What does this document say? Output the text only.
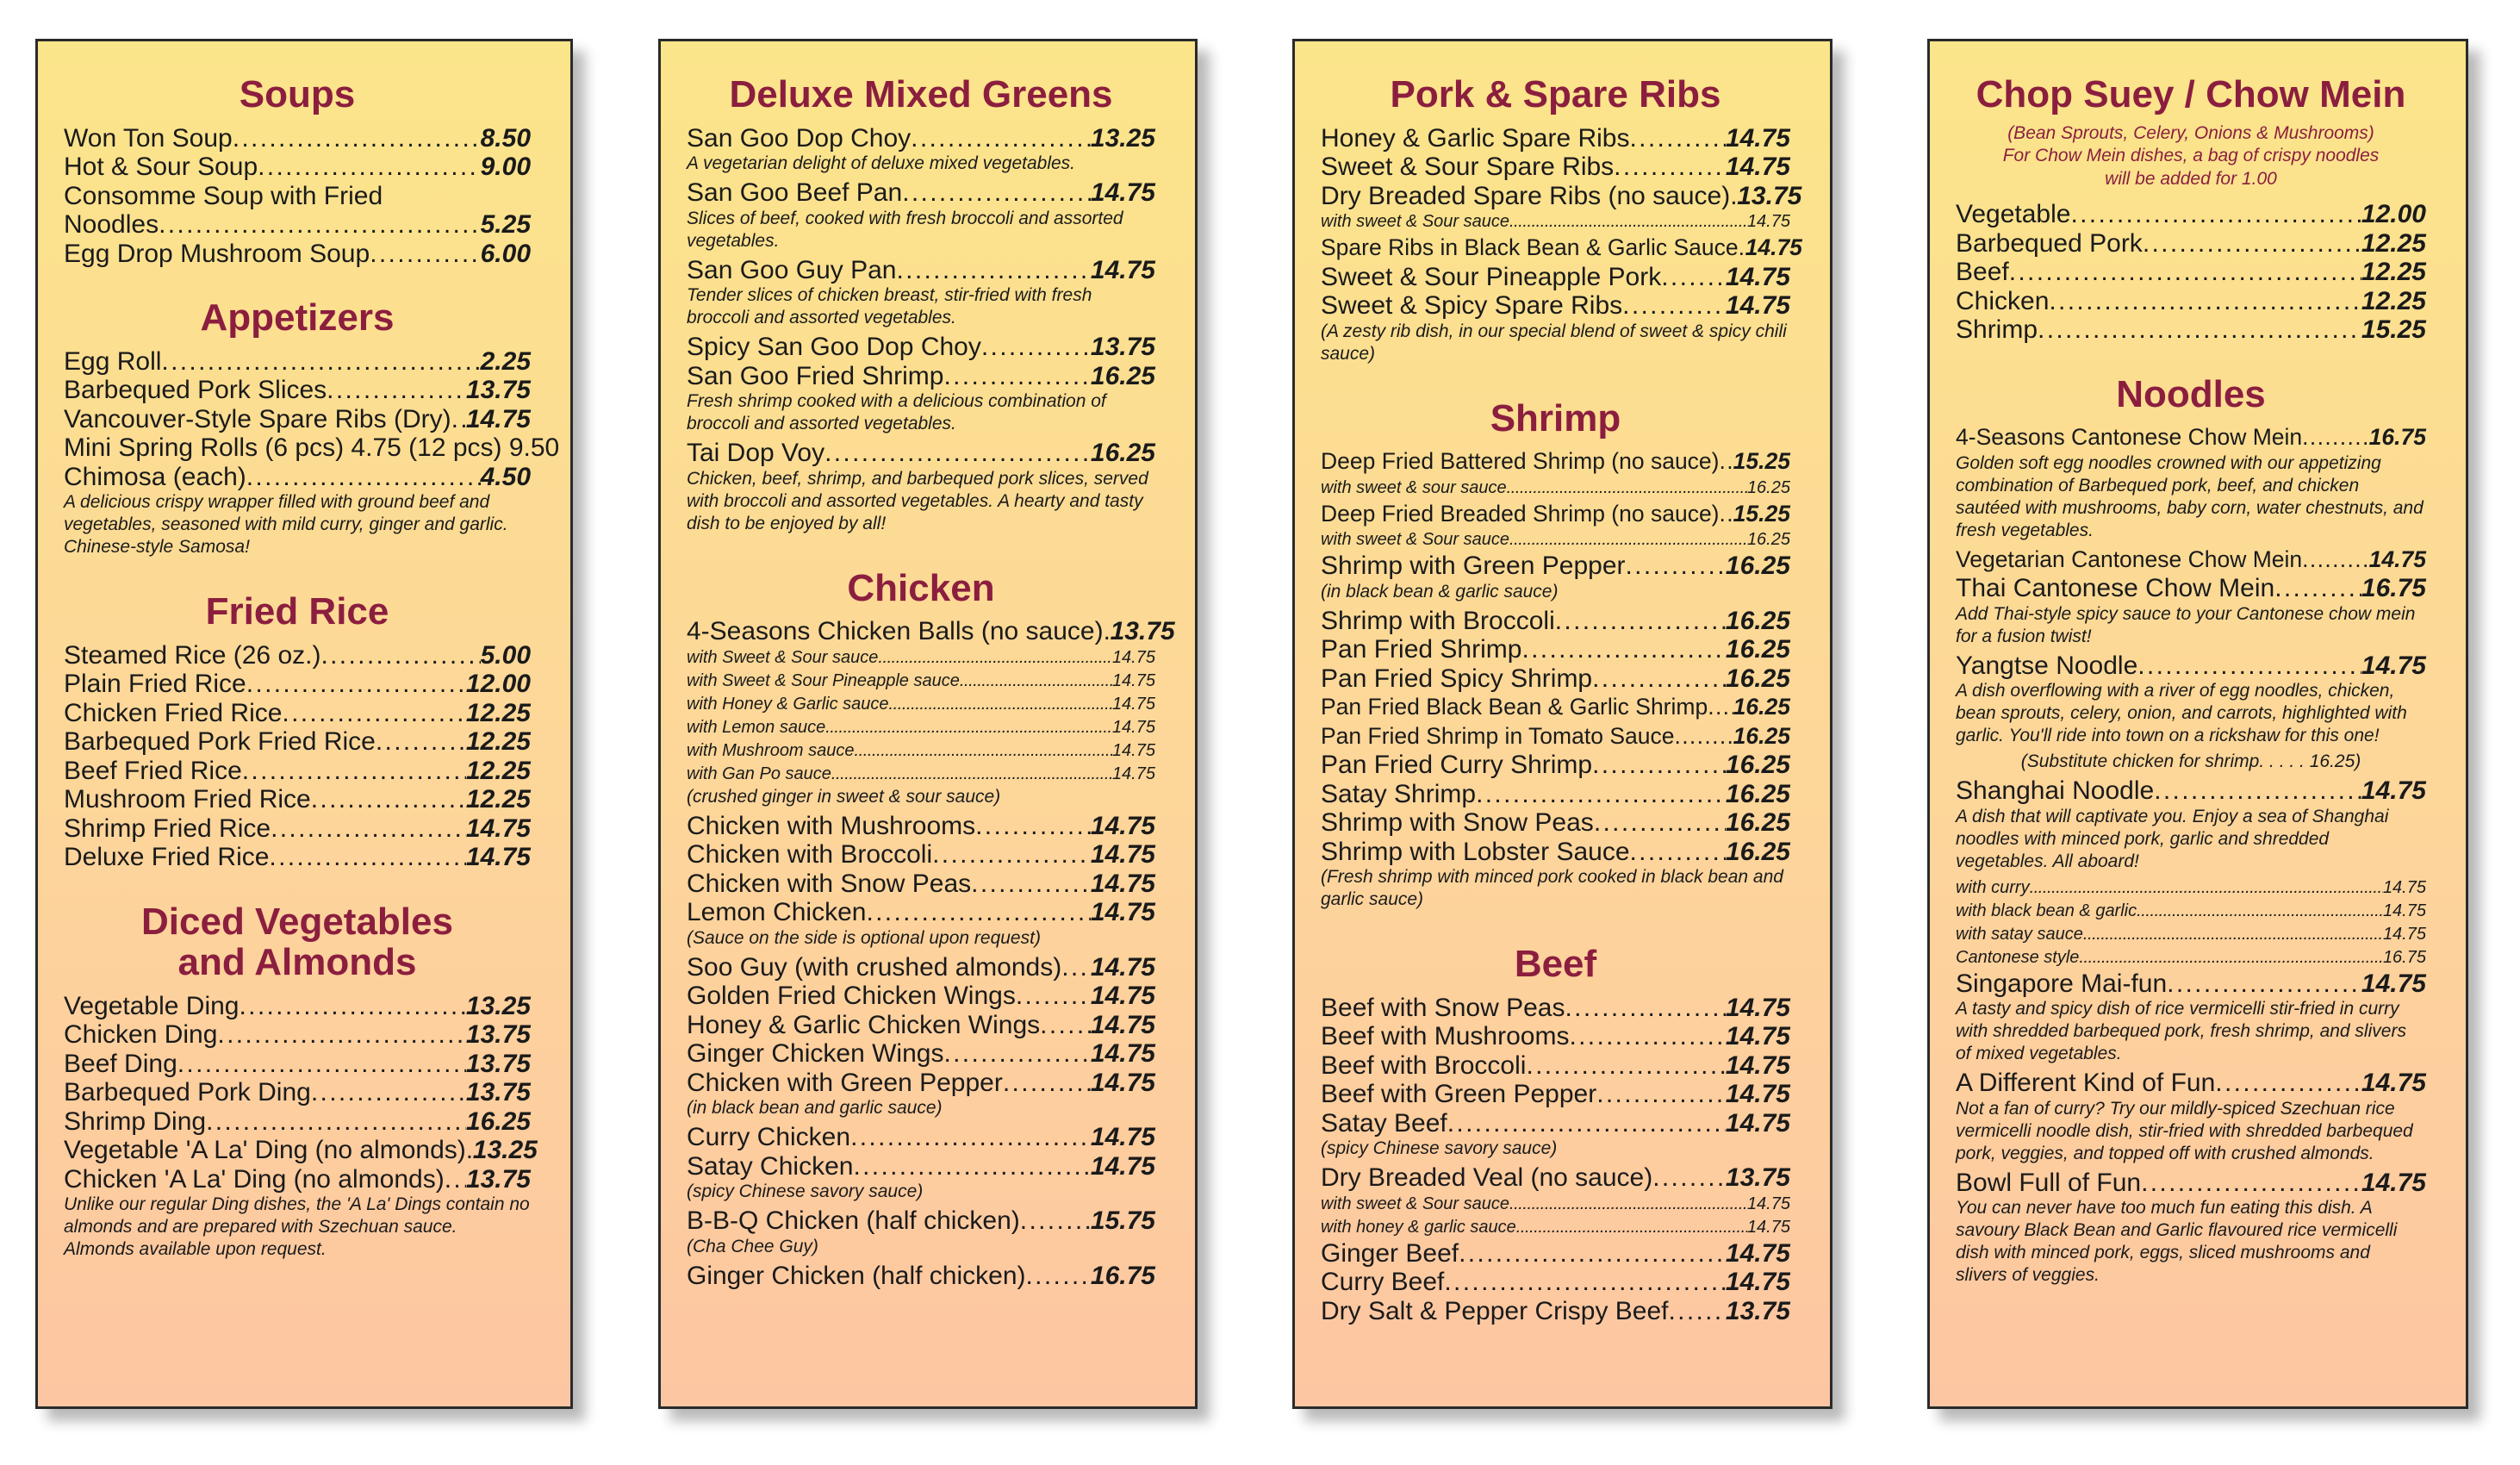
Soups
Won Ton Soup . . .	8.50
Hot & Sour Soup . . .	9.00
Consomme Soup with Fried
Noodles . . .	5.25
Egg Drop Mushroom Soup . . .	6.00
Appetizers
Egg Roll . . .	2.25
Barbequed Pork Slices . . .	13.75
Vancouver-Style Spare Ribs (Dry) . . . 14.75
Mini Spring Rolls (6 pcs) 4.75 (12 pcs) 9.50
Chimosa (each) . . .	4.50
A delicious crispy wrapper filled with ground beef and vegetables, seasoned with mild curry, ginger and garlic. Chinese-style Samosa!
Fried Rice
Steamed Rice (26 oz.) . . .	5.00
Plain Fried Rice . . .	12.00
Chicken Fried Rice . . .	12.25
Barbequed Pork Fried Rice . . .	12.25
Beef Fried Rice . . .	12.25
Mushroom Fried Rice . . .	12.25
Shrimp Fried Rice . . .	14.75
Deluxe Fried Rice . . .	14.75
Diced Vegetables
and Almonds
Vegetable Ding . . .	13.25
Chicken Ding . . .	13.75
Beef Ding . . .	13.75
Barbequed Pork Ding . . .	13.75
Shrimp Ding . . .	16.25
Vegetable 'A La' Ding (no almonds) . . . 13.25
Chicken 'A La' Ding (no almonds) . . . 13.75
Unlike our regular Ding dishes, the 'A La' Dings contain no almonds and are prepared with Szechuan sauce. Almonds available upon request.
Deluxe Mixed Greens
San Goo Dop Choy . . .	13.25
A vegetarian delight of deluxe mixed vegetables.
San Goo Beef Pan . . .	14.75
Slices of beef, cooked with fresh broccoli and assorted vegetables.
San Goo Guy Pan . . .	14.75
Tender slices of chicken breast, stir-fried with fresh broccoli and assorted vegetables.
Spicy San Goo Dop Choy . . .	13.75
San Goo Fried Shrimp . . .	16.25
Fresh shrimp cooked with a delicious combination of broccoli and assorted vegetables.
Tai Dop Voy . . .	16.25
Chicken, beef, shrimp, and barbequed pork slices, served with broccoli and assorted vegetables. A hearty and tasty dish to be enjoyed by all!
Chicken
4-Seasons Chicken Balls (no sauce) . . . 13.75
with Sweet & Sour sauce . . .	14.75
with Sweet & Sour Pineapple sauce . . .	14.75
with Honey & Garlic sauce . . .	14.75
with Lemon sauce . . .	14.75
with Mushroom sauce . . .	14.75
with Gan Po sauce . . .	14.75
(crushed ginger in sweet & sour sauce)
Chicken with Mushrooms . . .	14.75
Chicken with Broccoli . . .	14.75
Chicken with Snow Peas . . .	14.75
Lemon Chicken . . .	14.75
(Sauce on the side is optional upon request)
Soo Guy (with crushed almonds) . . . 14.75
Golden Fried Chicken Wings . . .	14.75
Honey & Garlic Chicken Wings . . . 14.75
Ginger Chicken Wings . . .	14.75
Chicken with Green Pepper . . .	14.75
(in black bean and garlic sauce)
Curry Chicken . . .	14.75
Satay Chicken . . .	14.75
(spicy Chinese savory sauce)
B-B-Q Chicken (half chicken) . . .	15.75
(Cha Chee Guy)
Ginger Chicken (half chicken) . . .	16.75
Pork & Spare Ribs
Honey & Garlic Spare Ribs . . .	14.75
Sweet & Sour Spare Ribs . . .	14.75
Dry Breaded Spare Ribs (no sauce) . . . 13.75
with sweet & Sour sauce . . .	14.75
Spare Ribs in Black Bean & Garlic Sauce . . . 14.75
Sweet & Sour Pineapple Pork . . . 14.75
Sweet & Spicy Spare Ribs . . .	14.75
(A zesty rib dish, in our special blend of sweet & spicy chili sauce)
Shrimp
Deep Fried Battered Shrimp (no sauce) . . . 15.25
with sweet & sour sauce . . .	16.25
Deep Fried Breaded Shrimp (no sauce) . . . 15.25
with sweet & Sour sauce . . .	16.25
Shrimp with Green Pepper . . .	16.25
(in black bean & garlic sauce)
Shrimp with Broccoli . . .	16.25
Pan Fried Shrimp . . .	16.25
Pan Fried Spicy Shrimp . . .	16.25
Pan Fried Black Bean & Garlic Shrimp . . . 16.25
Pan Fried Shrimp in Tomato Sauce . . .	16.25
Pan Fried Curry Shrimp . . .	16.25
Satay Shrimp . . .	16.25
Shrimp with Snow Peas . . .	16.25
Shrimp with Lobster Sauce . . .	16.25
(Fresh shrimp with minced pork cooked in black bean and garlic sauce)
Beef
Beef with Snow Peas . . .	14.75
Beef with Mushrooms . . .	14.75
Beef with Broccoli . . .	14.75
Beef with Green Pepper . . .	14.75
Satay Beef . . .	14.75
(spicy Chinese savory sauce)
Dry Breaded Veal (no sauce) . . .	13.75
with sweet & Sour sauce . . .	14.75
with honey & garlic sauce . . .	14.75
Ginger Beef . . .	14.75
Curry Beef . . .	14.75
Dry Salt & Pepper Crispy Beef . . . 13.75
Chop Suey / Chow Mein
(Bean Sprouts, Celery, Onions & Mushrooms)
For Chow Mein dishes, a bag of crispy noodles
will be added for 1.00
Vegetable . . .	12.00
Barbequed Pork . . .	12.25
Beef . . .	12.25
Chicken . . .	12.25
Shrimp . . .	15.25
Noodles
4-Seasons Cantonese Chow Mein . . .	16.75
Golden soft egg noodles crowned with our appetizing combination of Barbequed pork, beef, and chicken sautéed with mushrooms, baby corn, water chestnuts, and fresh vegetables.
Vegetarian Cantonese Chow Mein . . .	14.75
Thai Cantonese Chow Mein . . .	16.75
Add Thai-style spicy sauce to your Cantonese chow mein for a fusion twist!
Yangtse Noodle . . .	14.75
A dish overflowing with a river of egg noodles, chicken, bean sprouts, celery, onion, and carrots, highlighted with garlic. You'll ride into town on a rickshaw for this one!
(Substitute chicken for shrimp. . . . . 16.25)
Shanghai Noodle . . .	14.75
A dish that will captivate you. Enjoy a sea of Shanghai noodles with minced pork, garlic and shredded vegetables. All aboard!
with curry . . .	14.75
with black bean & garlic . . .	14.75
with satay sauce . . .	14.75
Cantonese style . . .	16.75
Singapore Mai-fun . . .	14.75
A tasty and spicy dish of rice vermicelli stir-fried in curry with shredded barbequed pork, fresh shrimp, and slivers of mixed vegetables.
A Different Kind of Fun . . .	14.75
Not a fan of curry? Try our mildly-spiced Szechuan rice vermicelli noodle dish, stir-fried with shredded barbequed pork, veggies, and topped off with crushed almonds.
Bowl Full of Fun . . .	14.75
You can never have too much fun eating this dish. A savoury Black Bean and Garlic flavoured rice vermicelli dish with minced pork, eggs, sliced mushrooms and slivers of veggies.
